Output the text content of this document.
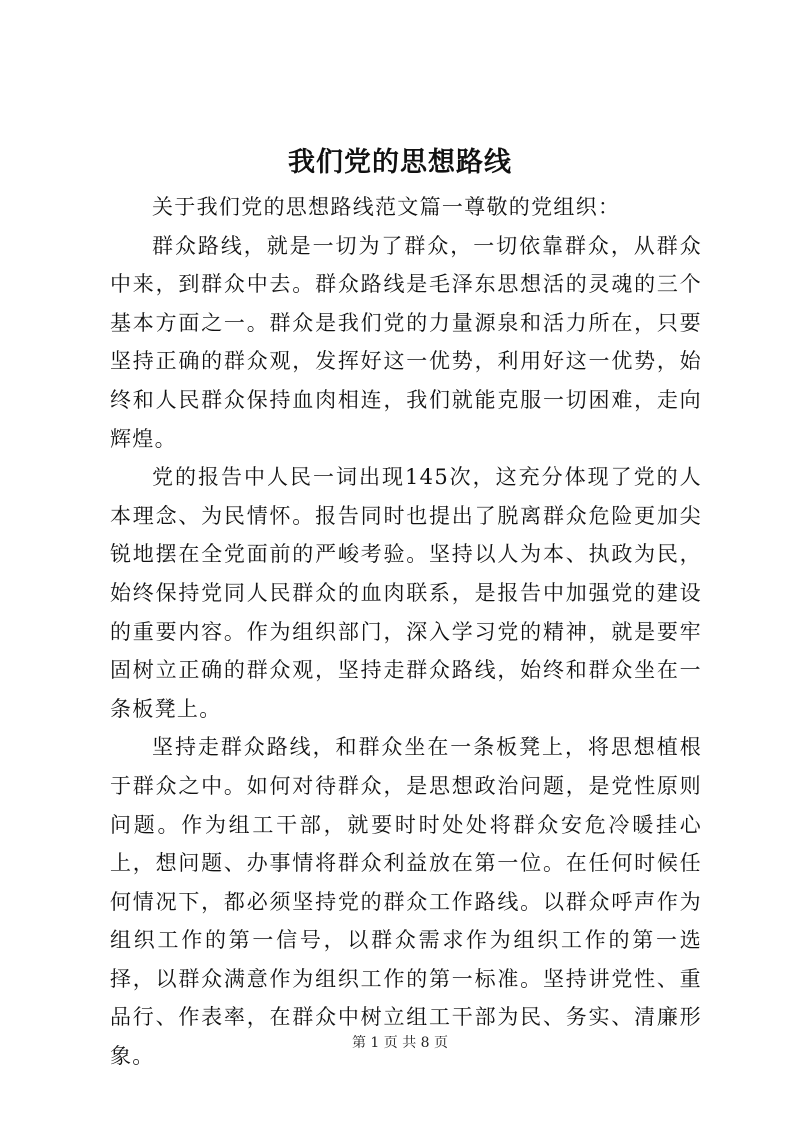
我们党的思想路线

关于我们党的思想路线范文篇一尊敬的党组织：

群众路线，就是一切为了群众，一切依靠群众，从群众中来，到群众中去。群众路线是毛泽东思想活的灵魂的三个基本方面之一。群众是我们党的力量源泉和活力所在，只要坚持正确的群众观，发挥好这一优势，利用好这一优势，始终和人民群众保持血肉相连，我们就能克服一切困难，走向辉煌。

党的报告中人民一词出现145次，这充分体现了党的人本理念、为民情怀。报告同时也提出了脱离群众危险更加尖锐地摆在全党面前的严峻考验。坚持以人为本、执政为民，始终保持党同人民群众的血肉联系，是报告中加强党的建设的重要内容。作为组织部门，深入学习党的精神，就是要牢固树立正确的群众观，坚持走群众路线，始终和群众坐在一条板凳上。

坚持走群众路线，和群众坐在一条板凳上，将思想植根于群众之中。如何对待群众，是思想政治问题，是党性原则问题。作为组工干部，就要时时处处将群众安危冷暖挂心上，想问题、办事情将群众利益放在第一位。在任何时候任何情况下，都必须坚持党的群众工作路线。以群众呼声作为组织工作的第一信号，以群众需求作为组织工作的第一选择，以群众满意作为组织工作的第一标准。坚持讲党性、重品行、作表率，在群众中树立组工干部为民、务实、清廉形象。

第 1 页 共 8 页
